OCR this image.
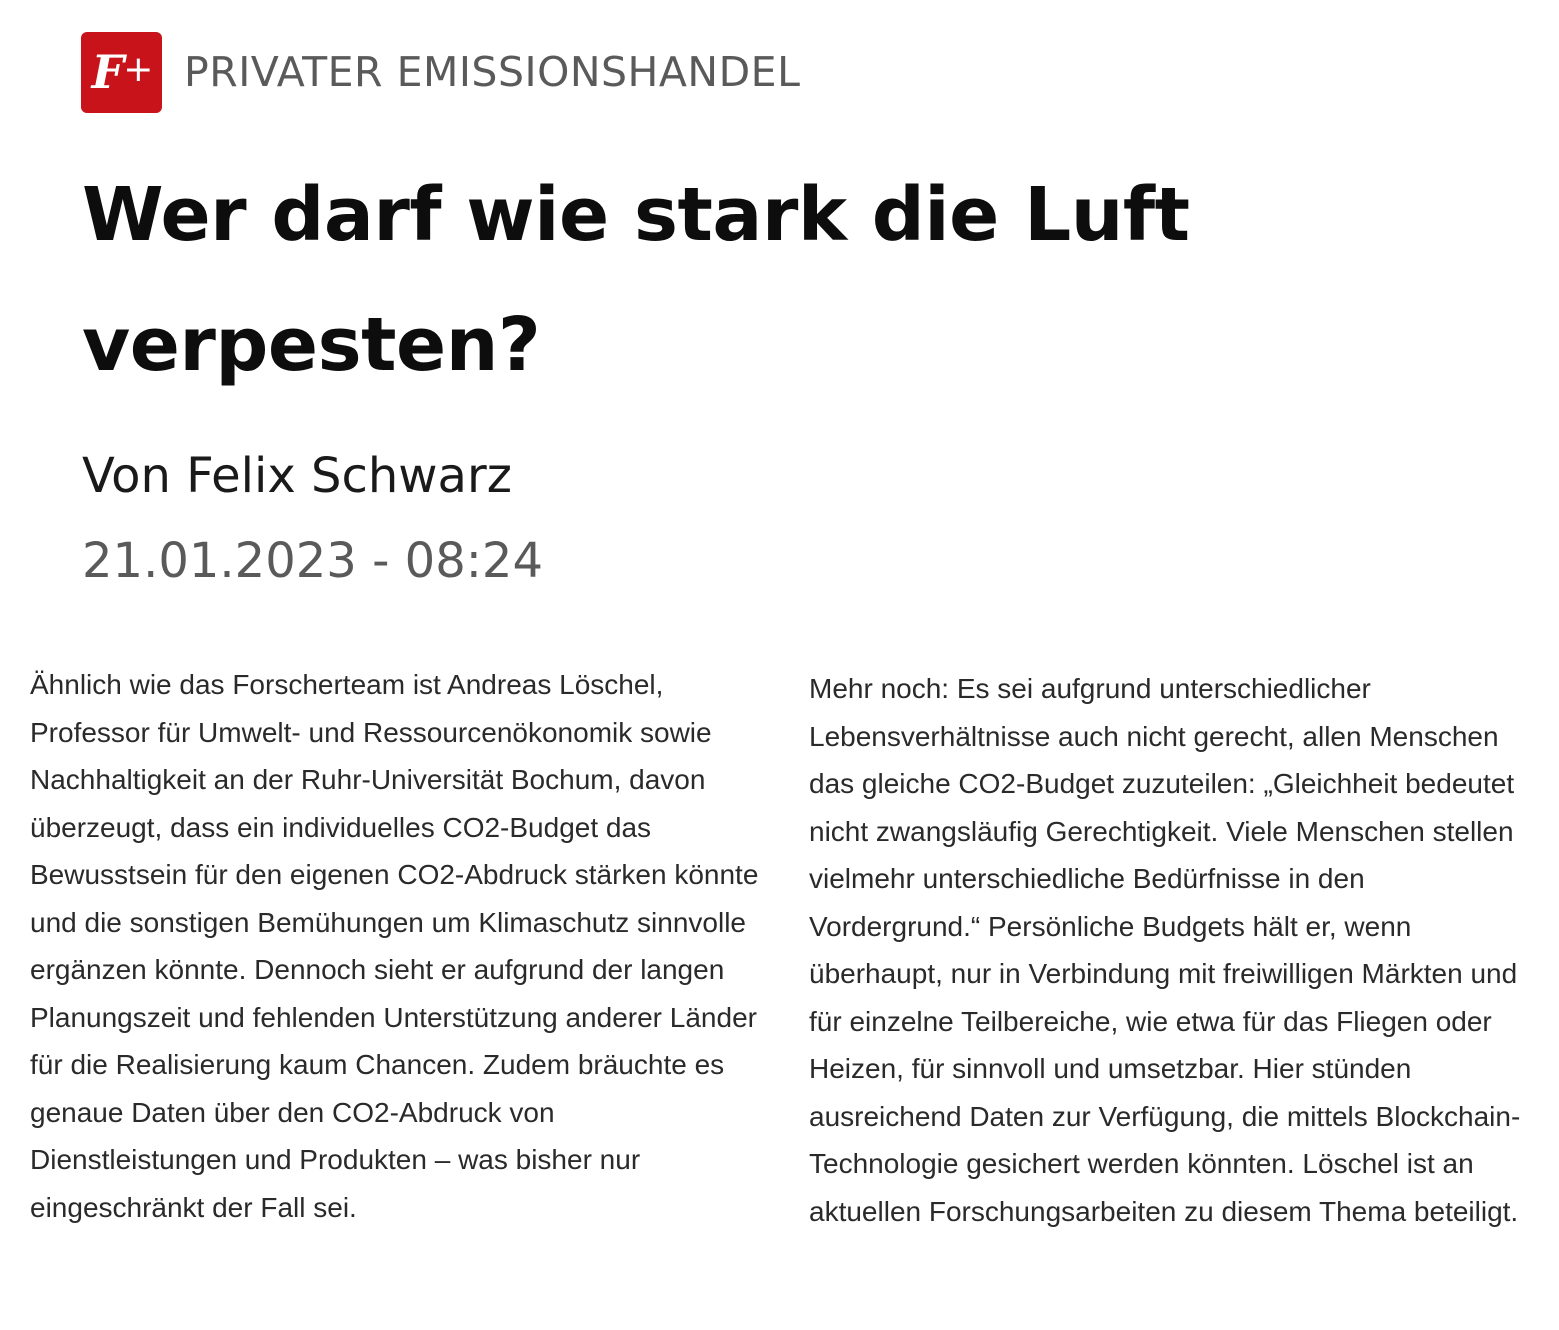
F + PRIVATER EMISSIONSHANDEL
Wer darf wie stark die Luft verpesten?
Von Felix Schwarz
21.01.2023 - 08:24

Ähnlich wie das Forscherteam ist Andreas Löschel, Professor für Umwelt- und Ressourcenökonomik sowie Nachhaltigkeit an der Ruhr-Universität Bochum, davon überzeugt, dass ein individuelles CO2-Budget das Bewusstsein für den eigenen CO2-Abdruck stärken könnte und die sonstigen Bemühungen um Klimaschutz sinnvolle ergänzen könnte. Dennoch sieht er aufgrund der langen Planungszeit und fehlenden Unterstützung anderer Länder für die Realisierung kaum Chancen. Zudem bräuchte es genaue Daten über den CO2-Abdruck von Dienstleistungen und Produkten – was bisher nur eingeschränkt der Fall sei.

Mehr noch: Es sei aufgrund unterschiedlicher Lebensverhältnisse auch nicht gerecht, allen Menschen das gleiche CO2-Budget zuzuteilen: „Gleichheit bedeutet nicht zwangsläufig Gerechtigkeit. Viele Menschen stellen vielmehr unterschiedliche Bedürfnisse in den Vordergrund.“ Persönliche Budgets hält er, wenn überhaupt, nur in Verbindung mit freiwilligen Märkten und für einzelne Teilbereiche, wie etwa für das Fliegen oder Heizen, für sinnvoll und umsetzbar. Hier stünden ausreichend Daten zur Verfügung, die mittels Blockchain-Technologie gesichert werden könnten. Löschel ist an aktuellen Forschungsarbeiten zu diesem Thema beteiligt.
